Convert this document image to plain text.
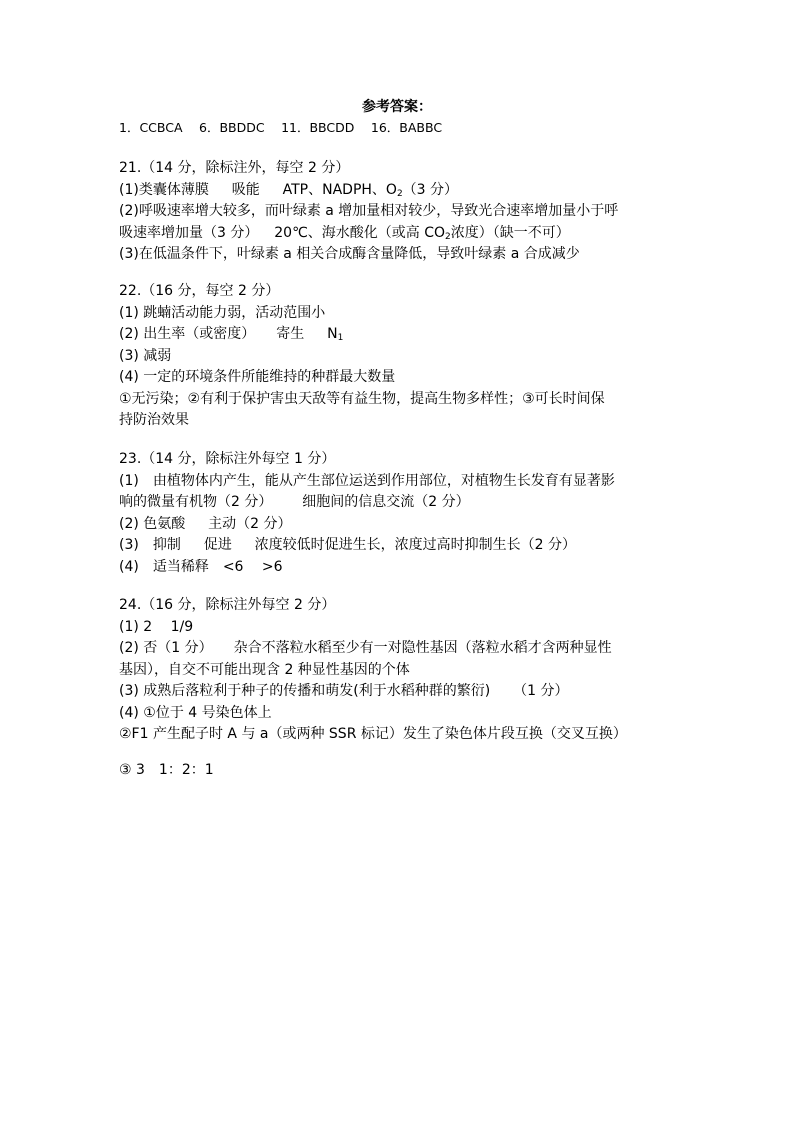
参考答案：
1．CCBCA　 6．BBDDC　 11．BBCDD　 16．BABBC
21.（14 分，除标注外，每空 2 分）
(1)类囊体薄膜　  吸能　  ATP、NADPH、$O_2(3$ 分）
(2)呼吸速率增大较多，而叶绿素 a 增加量相对较少，导致光合速率增加量小于呼
吸速率增加量（3 分）　  20℃、海水酸化（或高 $CO_2$浓度）（缺一不可）
(3)在低温条件下，叶绿素 a 相关合成酶含量降低，导致叶绿素 a 合成减少
22.（16 分，每空 2 分）
(1) 跳蝻活动能力弱，活动范围小
(2) 出生率（或密度）　　寄生　  $N_1$
(3) 减弱
(4) 一定的环境条件所能维持的种群最大数量
①无污染；②有利于保护害虫天敌等有益生物，提高生物多样性；③可长时间保
持防治效果
23.（14 分，除标注外每空 1 分）
(1)　由植物体内产生，能从产生部位运送到作用部位，对植物生长发育有显著影
响的微量有机物（2 分）　　  细胞间的信息交流（2 分）
(2) 色氨酸　  主动（2 分）
(3)　抑制　  促进　  浓度较低时促进生长，浓度过高时抑制生长（2 分）
(4)　适当稀释　<6　 >6
24.（16 分，除标注外每空 2 分）
(1) 2　 1/9
(2) 否（1 分）　　杂合不落粒水稻至少有一对隐性基因（落粒水稻才含两种显性
基因），自交不可能出现含 2 种显性基因的个体
(3) 成熟后落粒利于种子的传播和萌发(利于水稻种群的繁衍)　  （1 分）
(4) ①位于 4 号染色体上
②F1 产生配子时 A 与 a（或两种 SSR 标记）发生了染色体片段互换（交叉互换）
③ 3　1：2：1
